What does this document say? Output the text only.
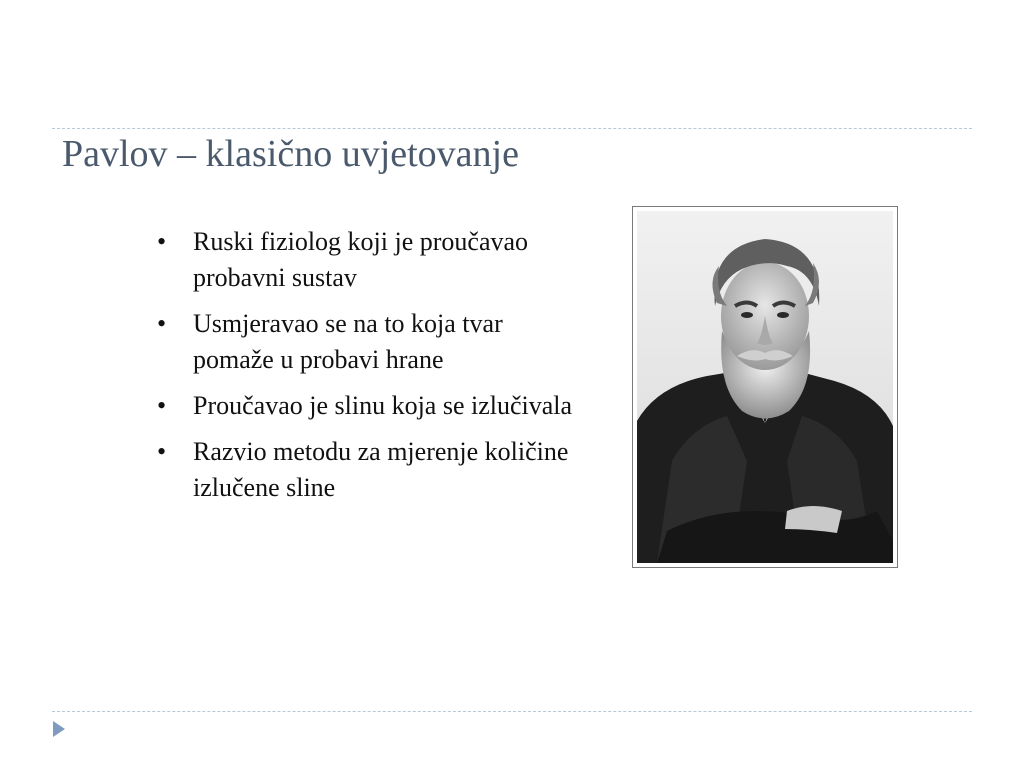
Pavlov – klasično uvjetovanje
•	Ruski fiziolog koji je proučavao probavni sustav
•	Usmjeravao se na to koja tvar pomaže u probavi hrane
•	Proučavao je slinu koja se izlučivala
•	Razvio metodu za mjerenje količine izlučene sline
